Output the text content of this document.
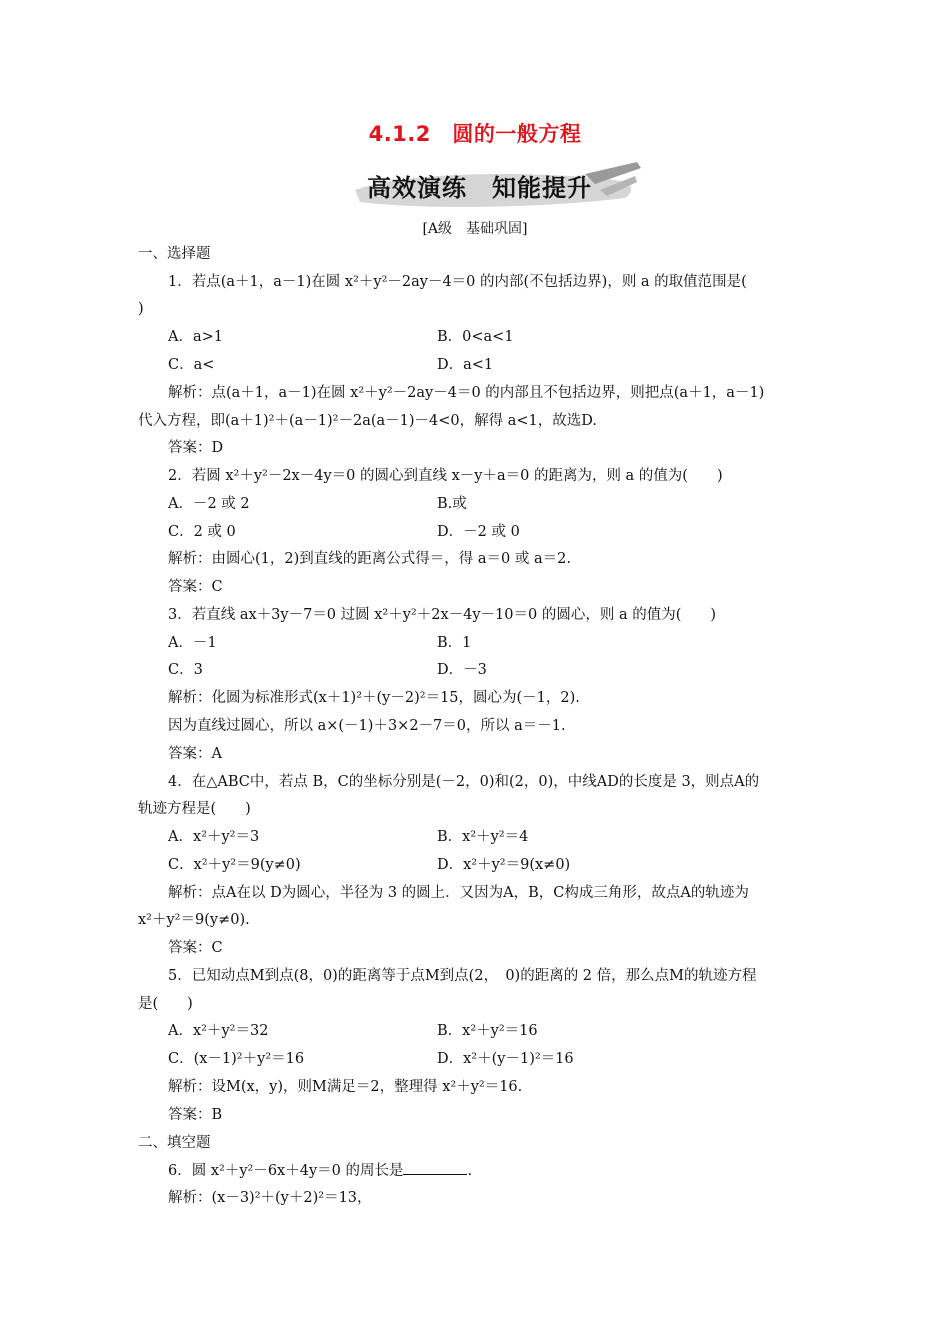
4.1.2　圆的一般方程
高效演练　知能提升
[A级　基础巩固]
一、选择题
1．若点(a＋1，a－1)在圆 x²＋y²－2ay－4＝0 的内部(不包括边界)，则 a 的取值范围是(
)
A．a>1	B．0<a<1
C．a<	D．a<1
解析：点(a＋1，a－1)在圆 x²＋y²－2ay－4＝0 的内部且不包括边界，则把点(a＋1，a－1)
代入方程，即(a＋1)²＋(a－1)²－2a(a－1)－4<0，解得 a<1，故选D.
答案：D
2．若圆 x²＋y²－2x－4y＝0 的圆心到直线 x－y＋a＝0 的距离为，则 a 的值为(　　)
A．－2 或 2	B.或
C．2 或 0	D．－2 或 0
解析：由圆心(1，2)到直线的距离公式得＝，得 a＝0 或 a＝2.
答案：C
3．若直线 ax＋3y－7＝0 过圆 x²＋y²＋2x－4y－10＝0 的圆心，则 a 的值为(　　)
A．－1	B．1
C．3	D．－3
解析：化圆为标准形式(x＋1)²＋(y－2)²＝15，圆心为(－1，2).
因为直线过圆心，所以 a×(－1)＋3×2－7＝0，所以 a＝－1.
答案：A
4．在△ABC中，若点 B，C的坐标分别是(－2，0)和(2，0)，中线AD的长度是 3，则点A的
轨迹方程是(　　)
A．x²＋y²＝3	B．x²＋y²＝4
C．x²＋y²＝9(y≠0)	D．x²＋y²＝9(x≠0)
解析：点A在以 D为圆心，半径为 3 的圆上．又因为A，B，C构成三角形，故点A的轨迹为
x²＋y²＝9(y≠0).
答案：C
5．已知动点M到点(8，0)的距离等于点M到点(2，　0)的距离的 2 倍，那么点M的轨迹方程
是(　　)
A．x²＋y²＝32	B．x²＋y²＝16
C．(x－1)²＋y²＝16	D．x²＋(y－1)²＝16
解析：设M(x，y)，则M满足＝2，整理得 x²＋y²＝16.
答案：B
二、填空题
6．圆 x²＋y²－6x＋4y＝0 的周长是	.
解析：(x－3)²＋(y＋2)²＝13，
